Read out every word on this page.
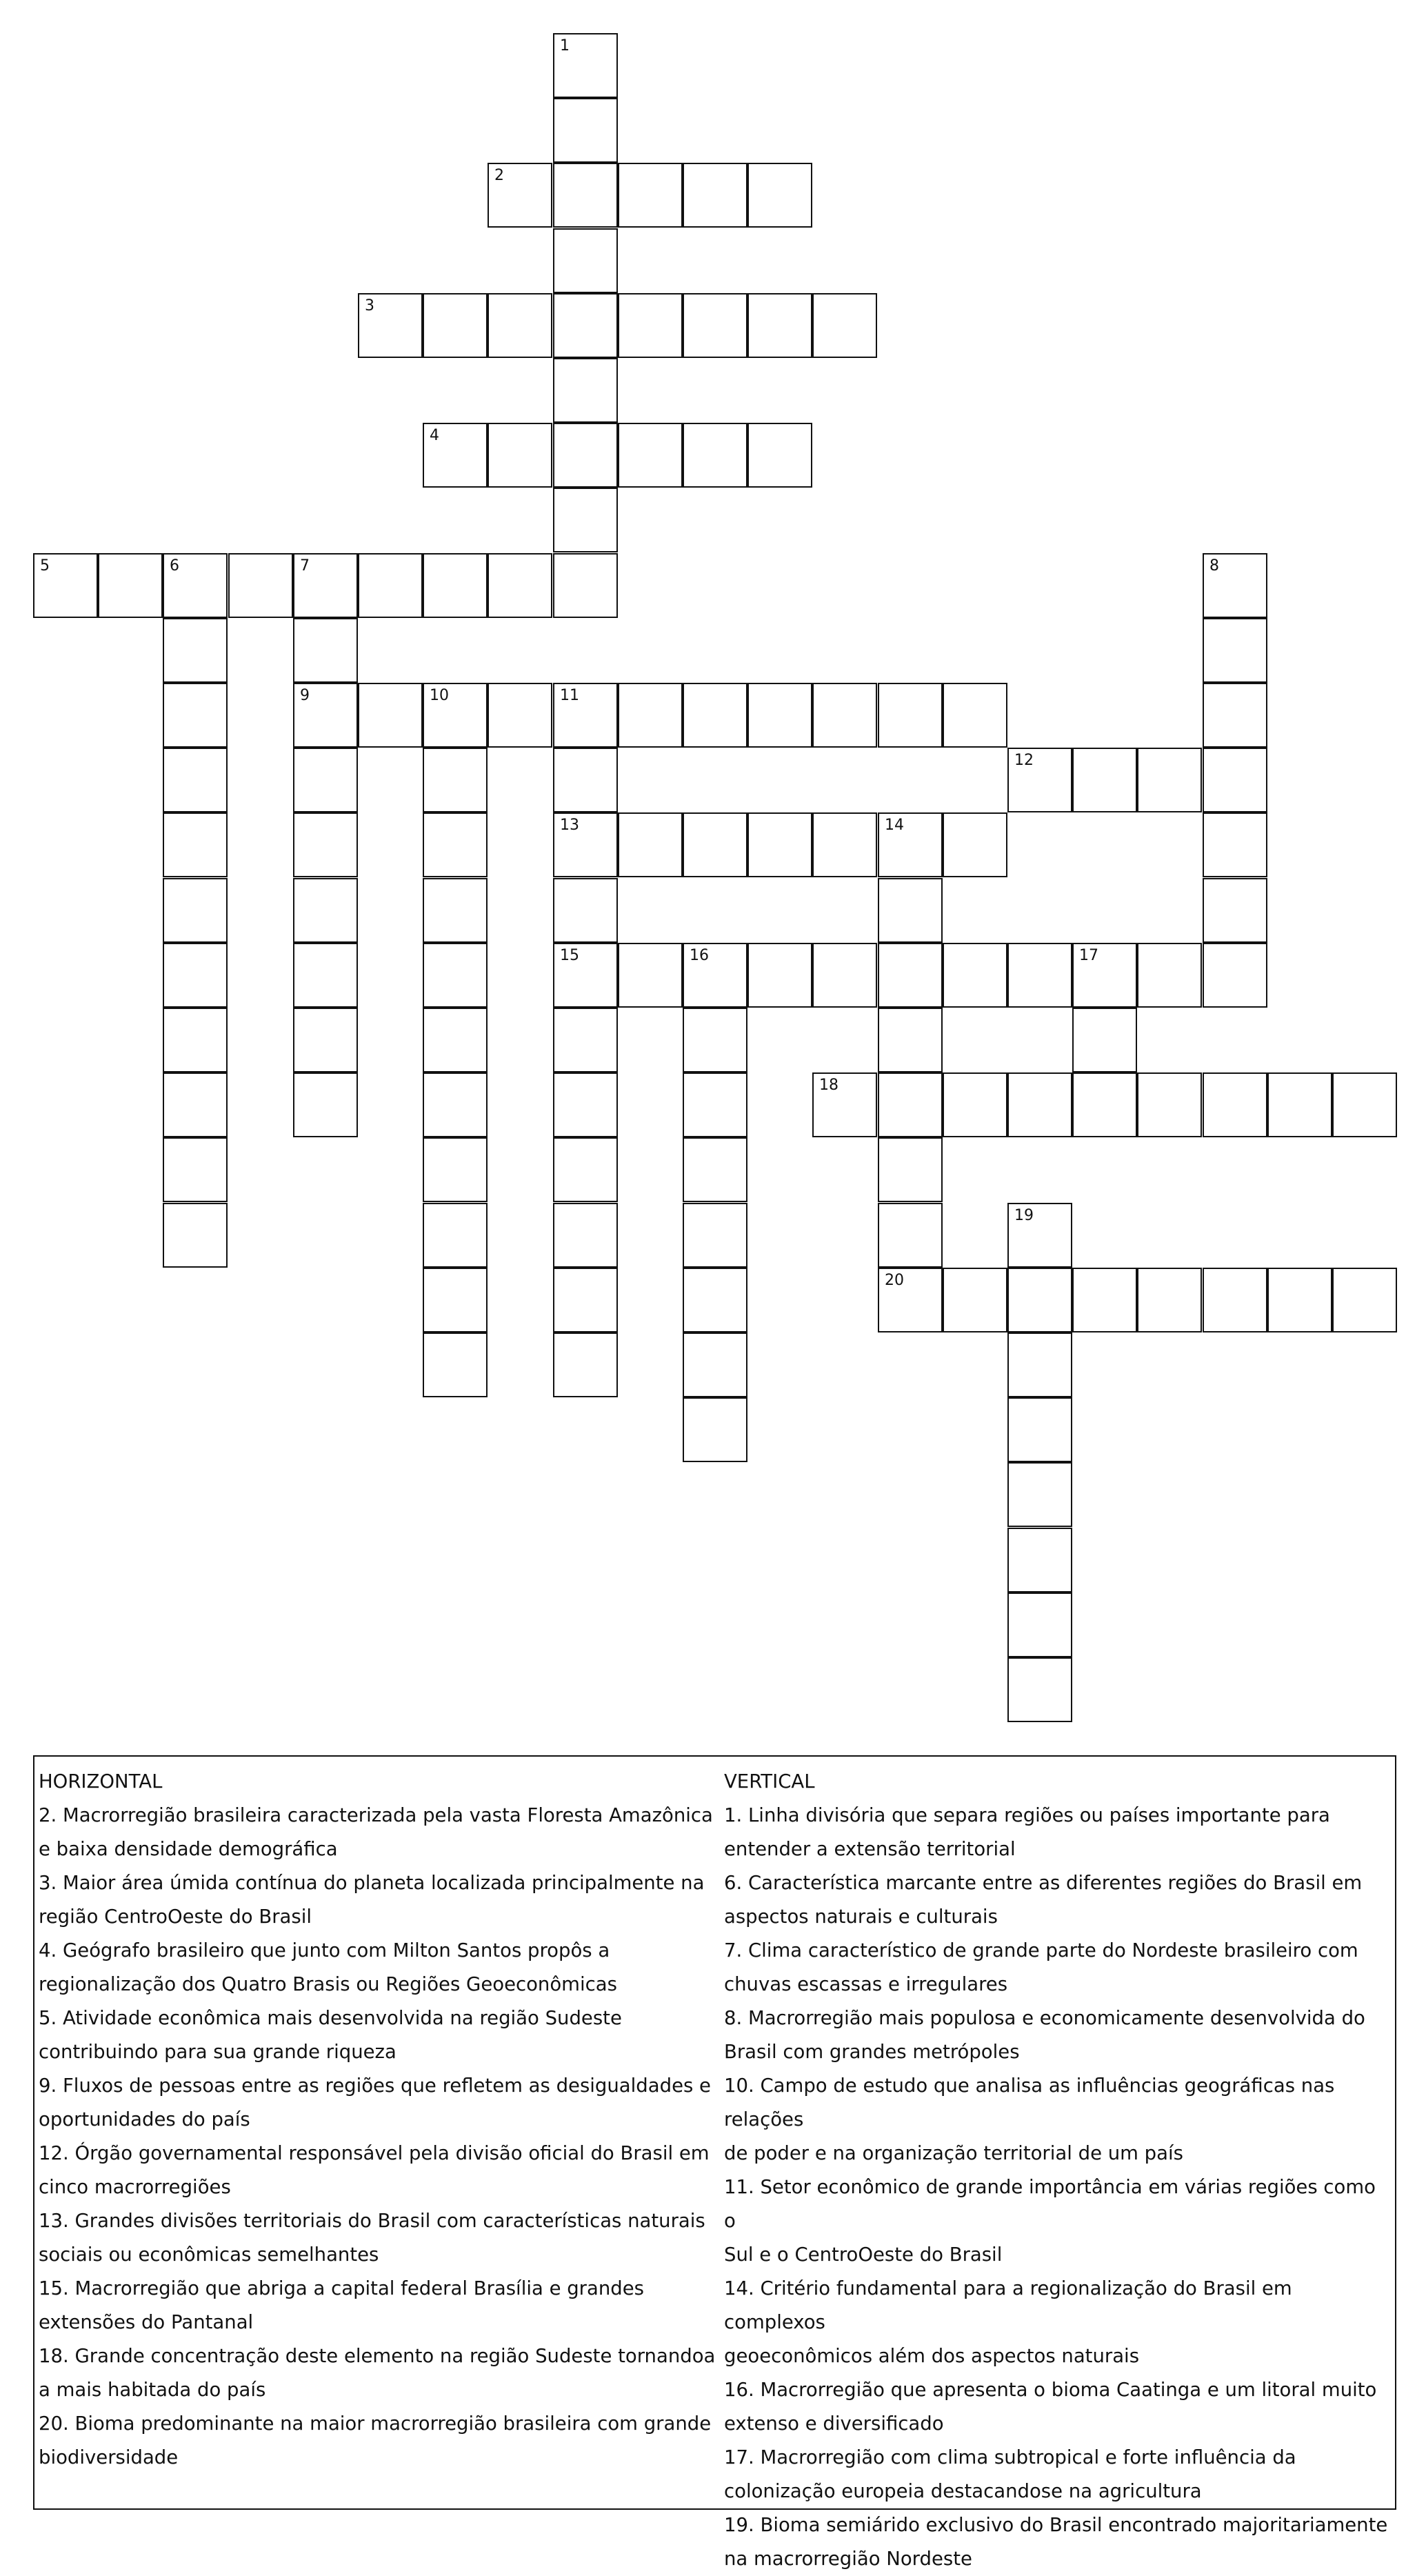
1
2
3
4
5	6	7	8
9	10	11
12
13	14
15	16	17
18
19
20
HORIZONTAL
2. Macrorregião brasileira caracterizada pela vasta Floresta Amazônica
e baixa densidade demográfica
3. Maior área úmida contínua do planeta localizada principalmente na
região CentroOeste do Brasil
4. Geógrafo brasileiro que junto com Milton Santos propôs a
regionalização dos Quatro Brasis ou Regiões Geoeconômicas
5. Atividade econômica mais desenvolvida na região Sudeste
contribuindo para sua grande riqueza
9. Fluxos de pessoas entre as regiões que refletem as desigualdades e
oportunidades do país
12. Órgão governamental responsável pela divisão oficial do Brasil em
cinco macrorregiões
13. Grandes divisões territoriais do Brasil com características naturais
sociais ou econômicas semelhantes
15. Macrorregião que abriga a capital federal Brasília e grandes
extensões do Pantanal
18. Grande concentração deste elemento na região Sudeste tornandoa
a mais habitada do país
20. Bioma predominante na maior macrorregião brasileira com grande
biodiversidade
VERTICAL
1. Linha divisória que separa regiões ou países importante para
entender a extensão territorial
6. Característica marcante entre as diferentes regiões do Brasil em
aspectos naturais e culturais
7. Clima característico de grande parte do Nordeste brasileiro com
chuvas escassas e irregulares
8. Macrorregião mais populosa e economicamente desenvolvida do
Brasil com grandes metrópoles
10. Campo de estudo que analisa as influências geográficas nas relações
de poder e na organização territorial de um país
11. Setor econômico de grande importância em várias regiões como o
Sul e o CentroOeste do Brasil
14. Critério fundamental para a regionalização do Brasil em complexos
geoeconômicos além dos aspectos naturais
16. Macrorregião que apresenta o bioma Caatinga e um litoral muito
extenso e diversificado
17. Macrorregião com clima subtropical e forte influência da
colonização europeia destacandose na agricultura
19. Bioma semiárido exclusivo do Brasil encontrado majoritariamente
na macrorregião Nordeste
